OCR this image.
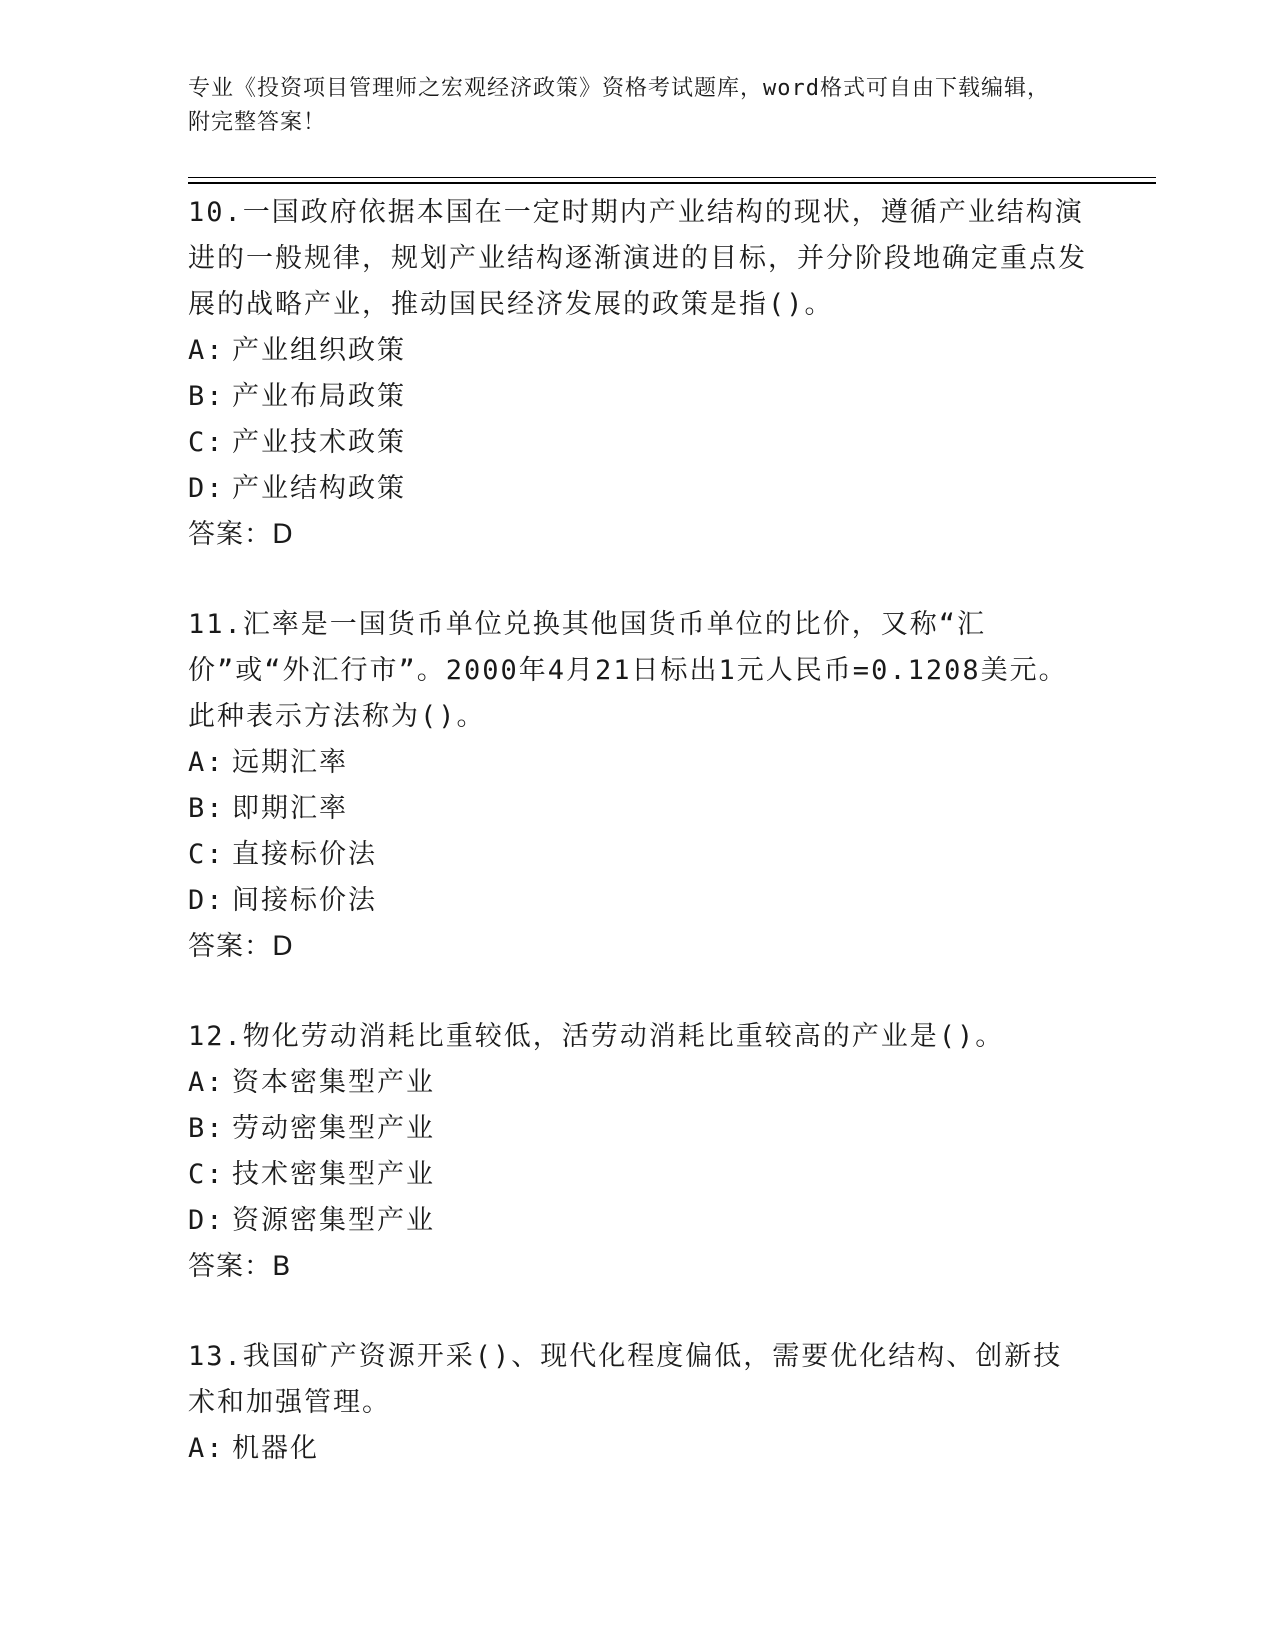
专业《投资项目管理师之宏观经济政策》资格考试题库，word格式可自由下载编辑，附完整答案！
10.一国政府依据本国在一定时期内产业结构的现状，遵循产业结构演进的一般规律，规划产业结构逐渐演进的目标，并分阶段地确定重点发展的战略产业，推动国民经济发展的政策是指()。
A: 产业组织政策
B: 产业布局政策
C: 产业技术政策
D: 产业结构政策
答案：D
11.汇率是一国货币单位兑换其他国货币单位的比价，又称“汇价”或“外汇行市”。2000年4月21日标出1元人民币=0.1208美元。此种表示方法称为()。
A: 远期汇率
B: 即期汇率
C: 直接标价法
D: 间接标价法
答案：D
12.物化劳动消耗比重较低，活劳动消耗比重较高的产业是()。
A: 资本密集型产业
B: 劳动密集型产业
C: 技术密集型产业
D: 资源密集型产业
答案：B
13.我国矿产资源开采()、现代化程度偏低，需要优化结构、创新技术和加强管理。
A: 机器化
